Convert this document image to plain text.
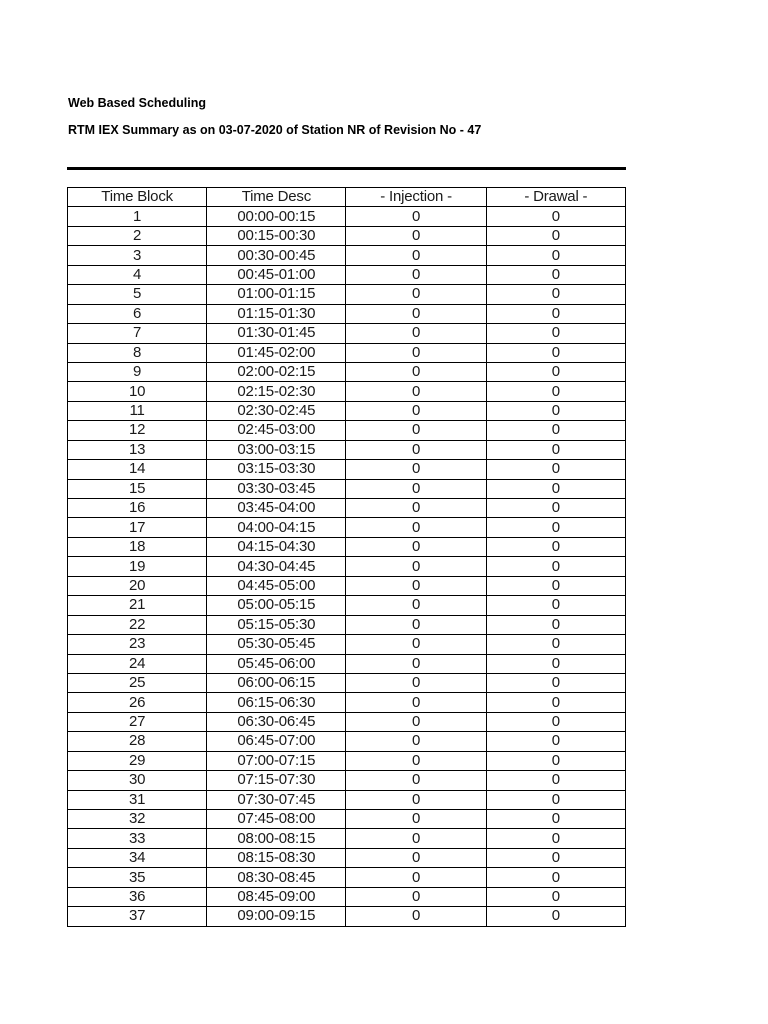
Web Based Scheduling
RTM IEX Summary as on 03-07-2020 of Station NR of Revision No - 47
Time Block	Time Desc	- Injection -	- Drawal -
1	00:00-00:15	0	0
2	00:15-00:30	0	0
3	00:30-00:45	0	0
4	00:45-01:00	0	0
5	01:00-01:15	0	0
6	01:15-01:30	0	0
7	01:30-01:45	0	0
8	01:45-02:00	0	0
9	02:00-02:15	0	0
10	02:15-02:30	0	0
11	02:30-02:45	0	0
12	02:45-03:00	0	0
13	03:00-03:15	0	0
14	03:15-03:30	0	0
15	03:30-03:45	0	0
16	03:45-04:00	0	0
17	04:00-04:15	0	0
18	04:15-04:30	0	0
19	04:30-04:45	0	0
20	04:45-05:00	0	0
21	05:00-05:15	0	0
22	05:15-05:30	0	0
23	05:30-05:45	0	0
24	05:45-06:00	0	0
25	06:00-06:15	0	0
26	06:15-06:30	0	0
27	06:30-06:45	0	0
28	06:45-07:00	0	0
29	07:00-07:15	0	0
30	07:15-07:30	0	0
31	07:30-07:45	0	0
32	07:45-08:00	0	0
33	08:00-08:15	0	0
34	08:15-08:30	0	0
35	08:30-08:45	0	0
36	08:45-09:00	0	0
37	09:00-09:15	0	0
